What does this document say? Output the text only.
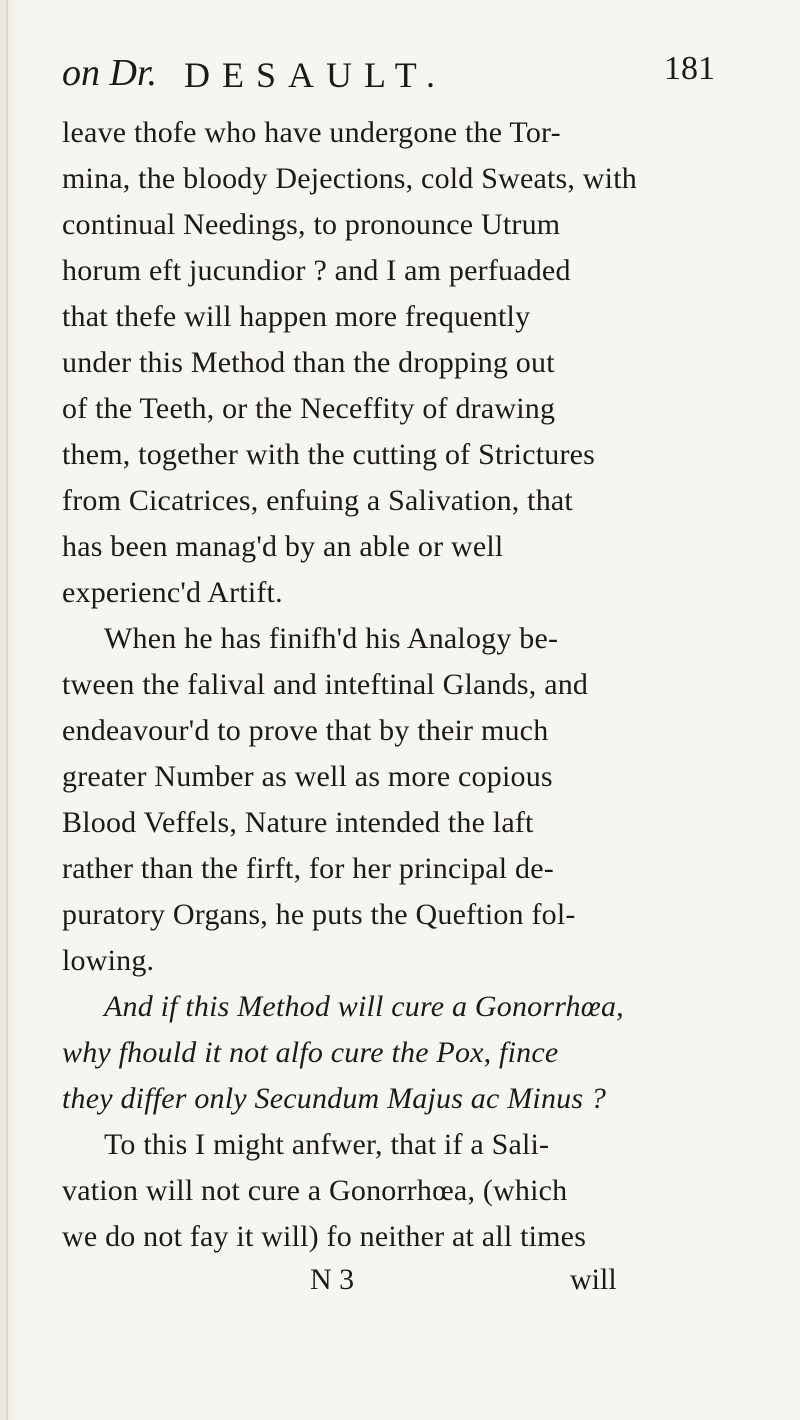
on Dr. DESAULT.	181
leave thofe who have undergone the Tor-
mina, the bloody Dejections, cold Sweats, with
continual Needings, to pronounce Utrum
horum eft jucundior ? and I am perfuaded
that thefe will happen more frequently
under this Method than the dropping out
of the Teeth, or the Neceffity of drawing
them, together with the cutting of Strictures
from Cicatrices, enfuing a Salivation, that
has been manag'd by an able or well
experienc'd Artift.
When he has finifh'd his Analogy be-
tween the falival and inteftinal Glands, and
endeavour'd to prove that by their much
greater Number as well as more copious
Blood Veffels, Nature intended the laft
rather than the firft, for her principal de-
puratory Organs, he puts the Queftion fol-
lowing.
And if this Method will cure a Gonorrhœa,
why fhould it not alfo cure the Pox, fince
they differ only Secundum Majus ac Minus ?
To this I might anfwer, that if a Sali-
vation will not cure a Gonorrhœa, (which
we do not fay it will) fo neither at all times
N 3	will
